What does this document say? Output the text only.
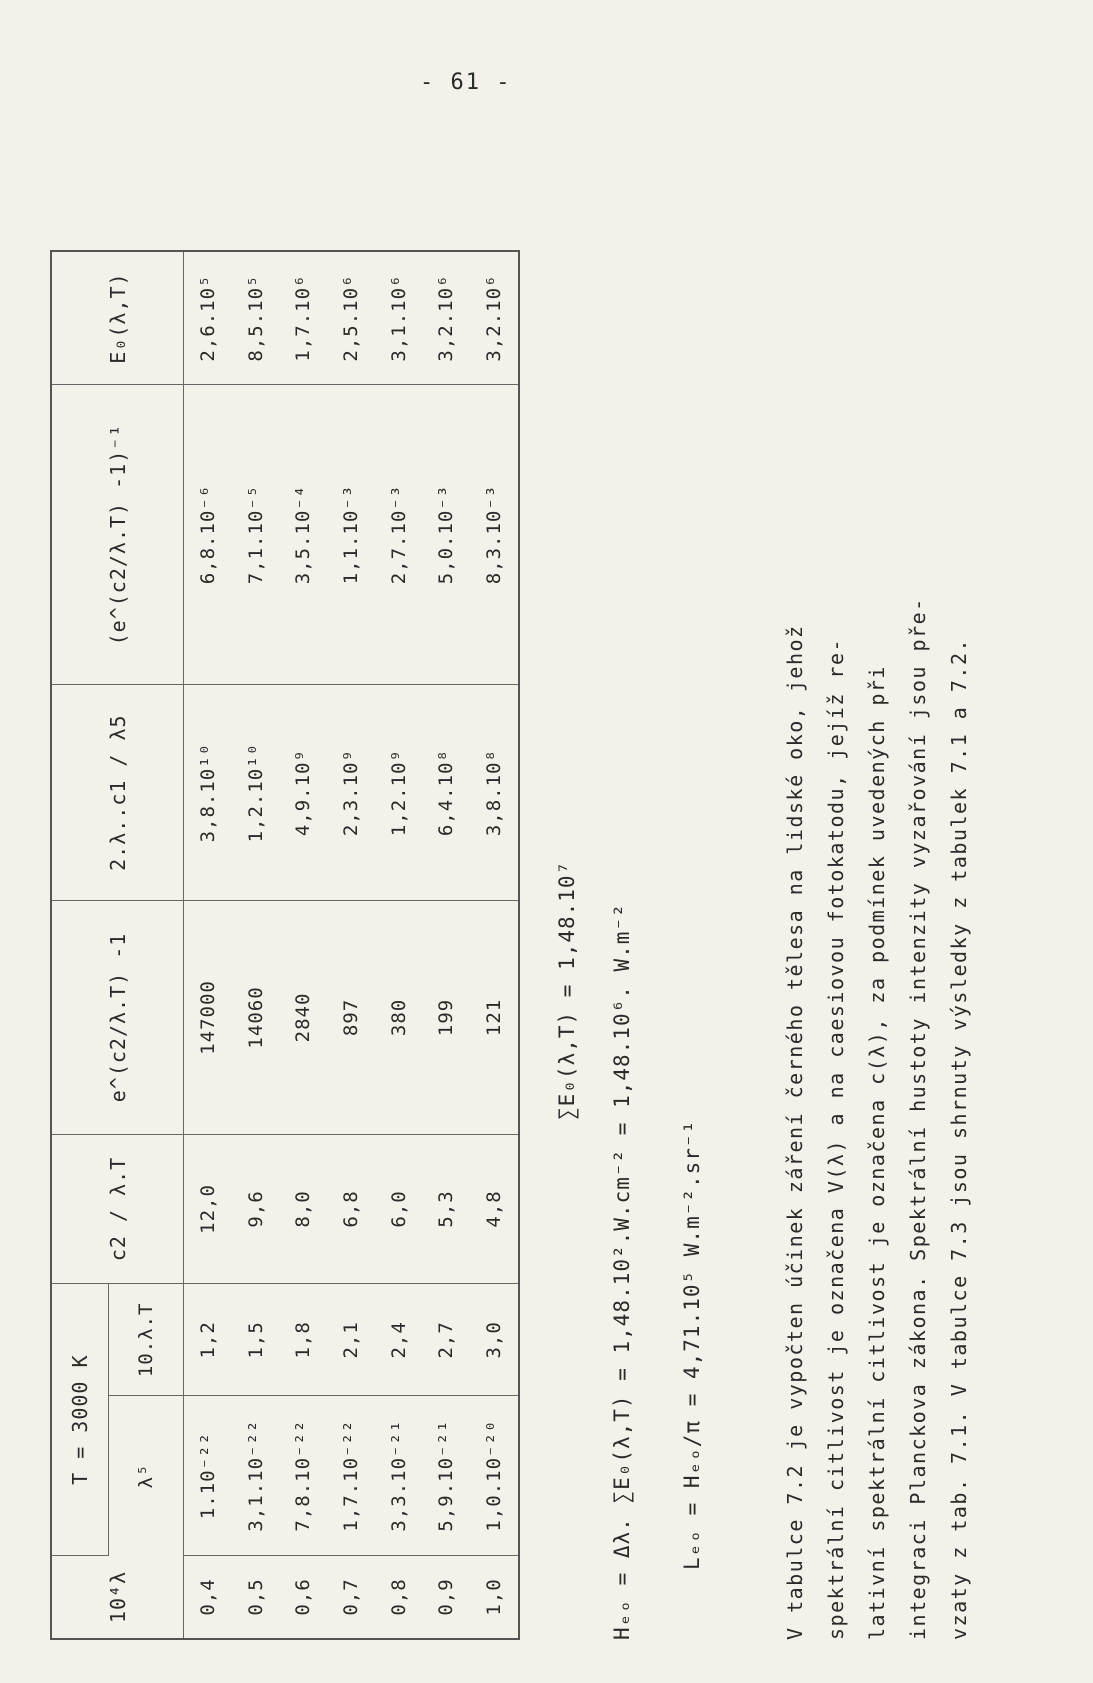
- 61 -
10⁴λ	T = 3000 K		c2 / λ.T	e^(c2/λ.T) -1	2.λ..c1 / λ5	(e^(c2/λ.T) -1)⁻¹	E₀(λ,T)
	λ⁵	10.λ.T					
0,4	1.10⁻²²	1,2	12,0	147000	3,8.10¹⁰	6,8.10⁻⁶	2,6.10⁵
0,5	3,1.10⁻²²	1,5	9,6	14060	1,2.10¹⁰	7,1.10⁻⁵	8,5.10⁵
0,6	7,8.10⁻²²	1,8	8,0	2840	4,9.10⁹	3,5.10⁻⁴	1,7.10⁶
0,7	1,7.10⁻²²	2,1	6,8	897	2,3.10⁹	1,1.10⁻³	2,5.10⁶
0,8	3,3.10⁻²¹	2,4	6,0	380	1,2.10⁹	2,7.10⁻³	3,1.10⁶
0,9	5,9.10⁻²¹	2,7	5,3	199	6,4.10⁸	5,0.10⁻³	3,2.10⁶
1,0	1,0.10⁻²⁰	3,0	4,8	121	3,8.10⁸	8,3.10⁻³	3,2.10⁶
∑E₀(λ,T) = 1,48.10⁷ Hₑₒ = Δλ. ∑E₀(λ,T) = 1,48.10².W.cm⁻² = 1,48.10⁶. W.m⁻² Lₑₒ = Hₑₒ/π = 4,71.10⁵ W.m⁻².sr⁻¹	V tabulce 7.2 je vypočten účinek záření černého tělesa na lidské oko, jehož spektrální citlivost je označena V(λ) a na caesiovou fotokatodu, jejíž re- lativní spektrální citlivost je označena c(λ), za podmínek uvedených při integraci Planckova zákona. Spektrální hustoty intenzity vyzařování jsou pře- vzaty z tab. 7.1. V tabulce 7.3 jsou shrnuty výsledky z tabulek 7.1 a 7.2.
